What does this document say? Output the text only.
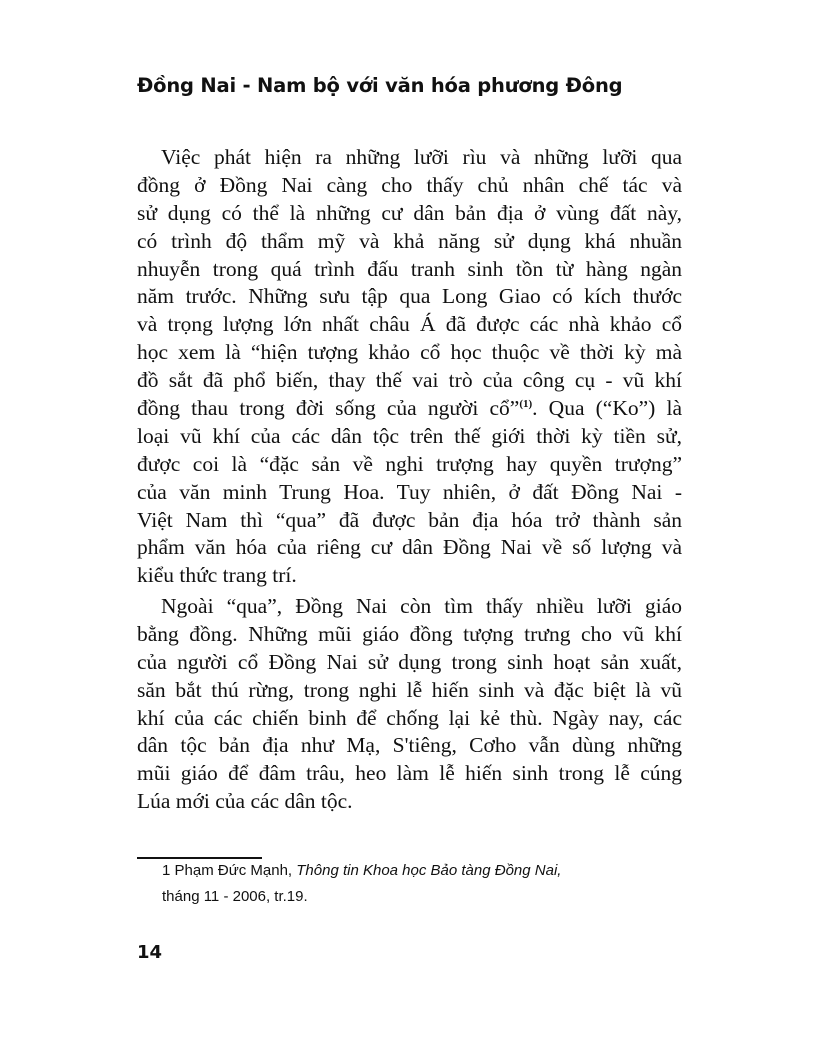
Đồng Nai - Nam bộ với văn hóa phương Đông
Việc phát hiện ra những lưỡi rìu và những lưỡi qua
đồng ở Đồng Nai càng cho thấy chủ nhân chế tác và
sử dụng có thể là những cư dân bản địa ở vùng đất này,
có trình độ thẩm mỹ và khả năng sử dụng khá nhuần
nhuyễn trong quá trình đấu tranh sinh tồn từ hàng ngàn
năm trước. Những sưu tập qua Long Giao có kích thước
và trọng lượng lớn nhất châu Á đã được các nhà khảo cổ
học xem là “hiện tượng khảo cổ học thuộc về thời kỳ mà
đồ sắt đã phổ biến, thay thế vai trò của công cụ - vũ khí
đồng thau trong đời sống của người cổ”$^{(1)}$. Qua (“Ko”) là
loại vũ khí của các dân tộc trên thế giới thời kỳ tiền sử,
được coi là “đặc sản về nghi trượng hay quyền trượng”
của văn minh Trung Hoa. Tuy nhiên, ở đất Đồng Nai -
Việt Nam thì “qua” đã được bản địa hóa trở thành sản
phẩm văn hóa của riêng cư dân Đồng Nai về số lượng và
kiểu thức trang trí.
Ngoài “qua”, Đồng Nai còn tìm thấy nhiều lưỡi giáo
bằng đồng. Những mũi giáo đồng tượng trưng cho vũ khí
của người cổ Đồng Nai sử dụng trong sinh hoạt sản xuất,
săn bắt thú rừng, trong nghi lễ hiến sinh và đặc biệt là vũ
khí của các chiến binh để chống lại kẻ thù. Ngày nay, các
dân tộc bản địa như Mạ, S'tiêng, Cơho vẫn dùng những
mũi giáo để đâm trâu, heo làm lễ hiến sinh trong lễ cúng
Lúa mới của các dân tộc.
1 Phạm Đức Mạnh, Thông tin Khoa học Bảo tàng Đồng Nai,
tháng 11 - 2006, tr.19.
14
